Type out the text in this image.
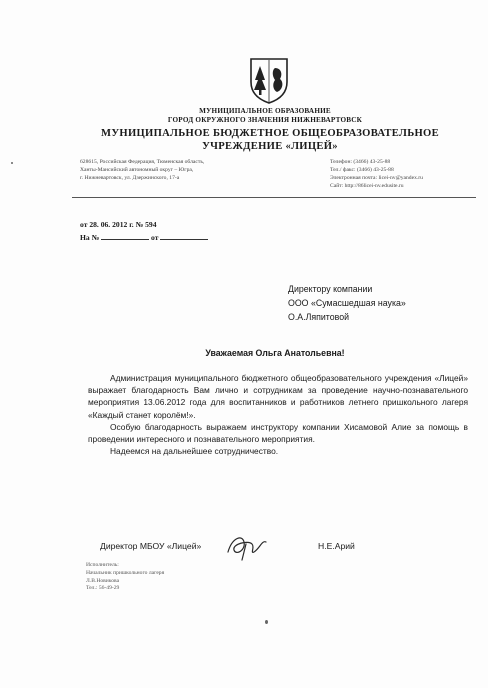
МУНИЦИПАЛЬНОЕ ОБРАЗОВАНИЕ
ГОРОД ОКРУЖНОГО ЗНАЧЕНИЯ НИЖНЕВАРТОВСК
МУНИЦИПАЛЬНОЕ БЮДЖЕТНОЕ ОБЩЕОБРАЗОВАТЕЛЬНОЕ
УЧРЕЖДЕНИЕ «ЛИЦЕЙ»
628615, Российская Федерация, Тюменская область,
Ханты-Мансийский автономный округ – Югра,
г. Нижневартовск, ул. Дзержинского, 17-а
Телефон: (3466) 43-25-88
Тел./ факс: (3466) 43-25-88
Электронная почта: licei-nv@yandex.ru
Сайт: http://86licei-nv.edusite.ru
от 28. 06. 2012 г. № 594
На №	от
Директору компании
ООО «Сумасшедшая наука»
О.А.Ляпитовой
Уважаемая Ольга Анатольевна!

Администрация муниципального бюджетного общеобразовательного учреждения «Лицей» выражает благодарность Вам лично и сотрудникам за проведение научно-познавательного мероприятия 13.06.2012 года для воспитанников и работников летнего пришкольного лагеря «Каждый станет королём!».

Особую благодарность выражаем инструктору компании Хисамовой Алие за помощь в проведении интересного и познавательного мероприятия.

Надеемся на дальнейшее сотрудничество.

Директор МБОУ «Лицей»	Н.Е.Арий
Исполнитель:
Начальник пришкольного лагеря
Л.В.Новикова
Тел.: 56-49-29
